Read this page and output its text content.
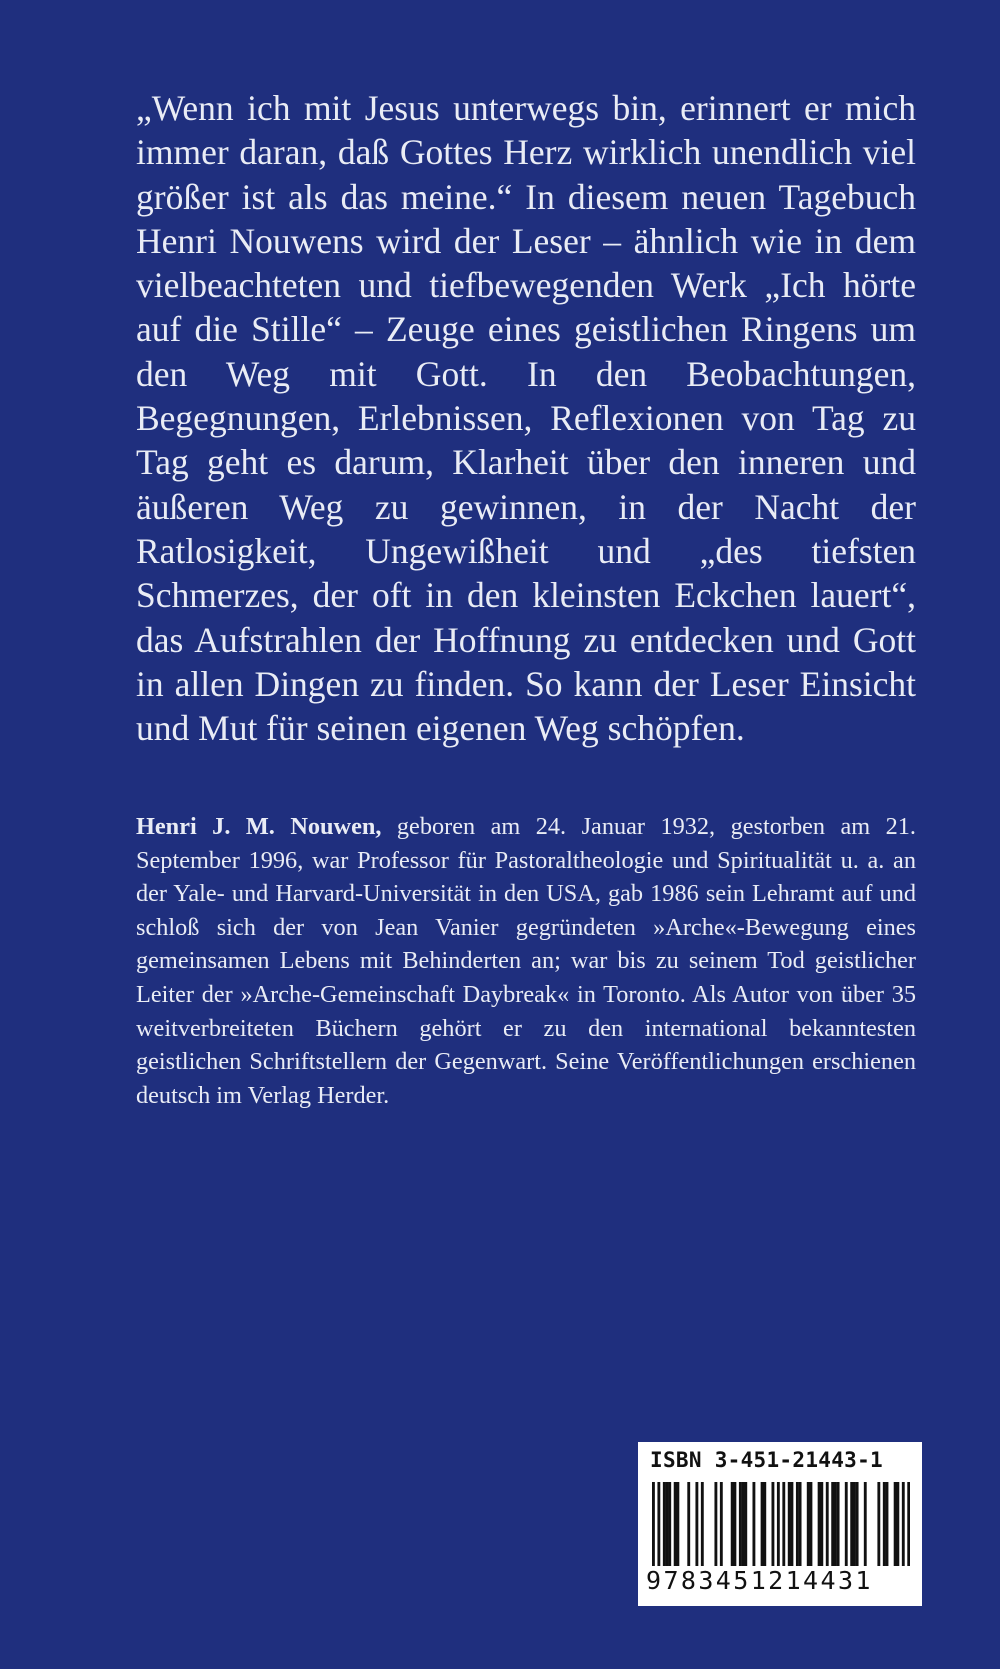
„Wenn ich mit Jesus unterwegs bin, erinnert er mich immer daran, daß Gottes Herz wirklich unendlich viel größer ist als das meine.“ In diesem neuen Tagebuch Henri Nouwens wird der Leser – ähnlich wie in dem vielbeachteten und tiefbewegenden Werk „Ich hörte auf die Stille“ – Zeuge eines geistlichen Ringens um den Weg mit Gott. In den Beobachtungen, Begegnungen, Erlebnissen, Reflexionen von Tag zu Tag geht es darum, Klarheit über den inneren und äußeren Weg zu gewinnen, in der Nacht der Ratlosigkeit, Ungewißheit und „des tiefsten Schmerzes, der oft in den kleinsten Eckchen lauert“, das Aufstrahlen der Hoffnung zu entdecken und Gott in allen Dingen zu finden. So kann der Leser Einsicht und Mut für seinen eigenen Weg schöpfen.

Henri J. M. Nouwen, geboren am 24. Januar 1932, gestorben am 21. September 1996, war Professor für Pastoraltheologie und Spiritualität u. a. an der Yale- und Harvard-Universität in den USA, gab 1986 sein Lehramt auf und schloß sich der von Jean Vanier gegründeten »Arche«-Bewegung eines gemeinsamen Lebens mit Behinderten an; war bis zu seinem Tod geistlicher Leiter der »Arche-Gemeinschaft Daybreak« in Toronto. Als Autor von über 35 weitverbreiteten Büchern gehört er zu den international bekanntesten geistlichen Schriftstellern der Gegenwart. Seine Veröffentlichungen erschienen deutsch im Verlag Herder.

ISBN 3-451-21443-1
9783451214431
